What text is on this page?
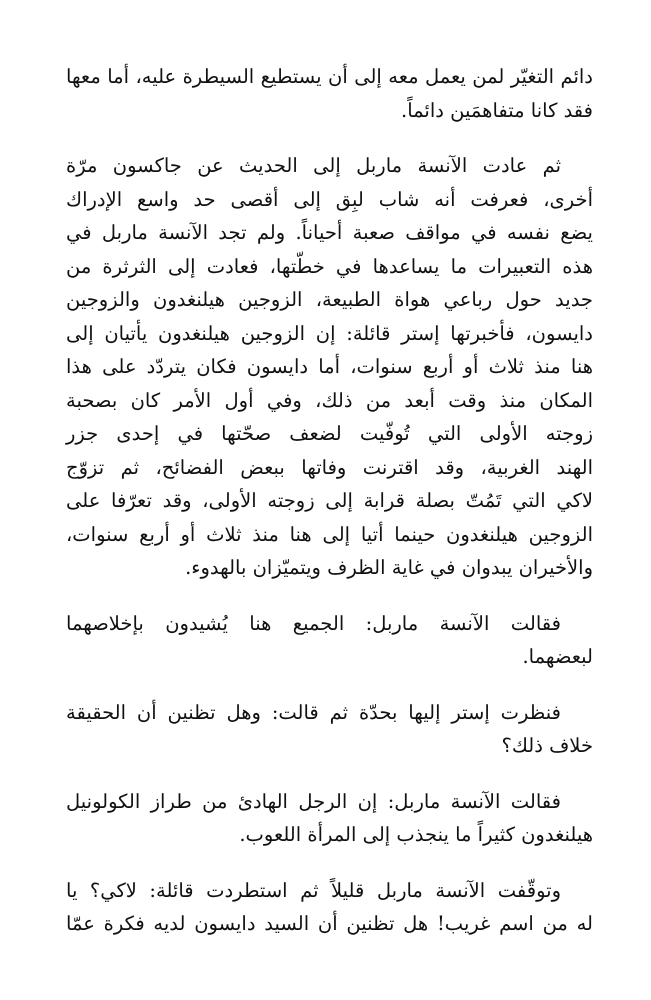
دائم التغيّر لمن يعمل معه إلى أن يستطيع السيطرة عليه، أما معها
فقد كانا متفاهمَين دائماً.

ثم عادت الآنسة ماربل إلى الحديث عن جاكسون مرّة
أخرى، فعرفت أنه شاب لبِق إلى أقصى حد واسع الإدراك
يضع نفسه في مواقف صعبة أحياناً. ولم تجد الآنسة ماربل في
هذه التعبيرات ما يساعدها في خطّتها، فعادت إلى الثرثرة من
جديد حول رباعي هواة الطبيعة، الزوجين هيلنغدون والزوجين
دايسون، فأخبرتها إستر قائلة: إن الزوجين هيلنغدون يأتيان إلى
هنا منذ ثلاث أو أربع سنوات، أما دايسون فكان يتردّد على هذا
المكان منذ وقت أبعد من ذلك، وفي أول الأمر كان بصحبة
زوجته الأولى التي تُوفّيت لضعف صحّتها في إحدى جزر
الهند الغربية، وقد اقترنت وفاتها ببعض الفضائح، ثم تزوّج
لاكي التي تَمُتّ بصلة قرابة إلى زوجته الأولى، وقد تعرّفا على
الزوجين هيلنغدون حينما أتيا إلى هنا منذ ثلاث أو أربع سنوات،
والأخيران يبدوان في غاية الظرف ويتميّزان بالهدوء.

فقالت الآنسة ماربل: الجميع هنا يُشيدون بإخلاصهما
لبعضهما.

فنظرت إستر إليها بحدّة ثم قالت: وهل تظنين أن الحقيقة
خلاف ذلك؟

فقالت الآنسة ماربل: إن الرجل الهادئ من طراز الكولونيل
هيلنغدون كثيراً ما ينجذب إلى المرأة اللعوب.

وتوقّفت الآنسة ماربل قليلاً ثم استطردت قائلة: لاكي؟ يا
له من اسم غريب! هل تظنين أن السيد دايسون لديه فكرة عمّا
